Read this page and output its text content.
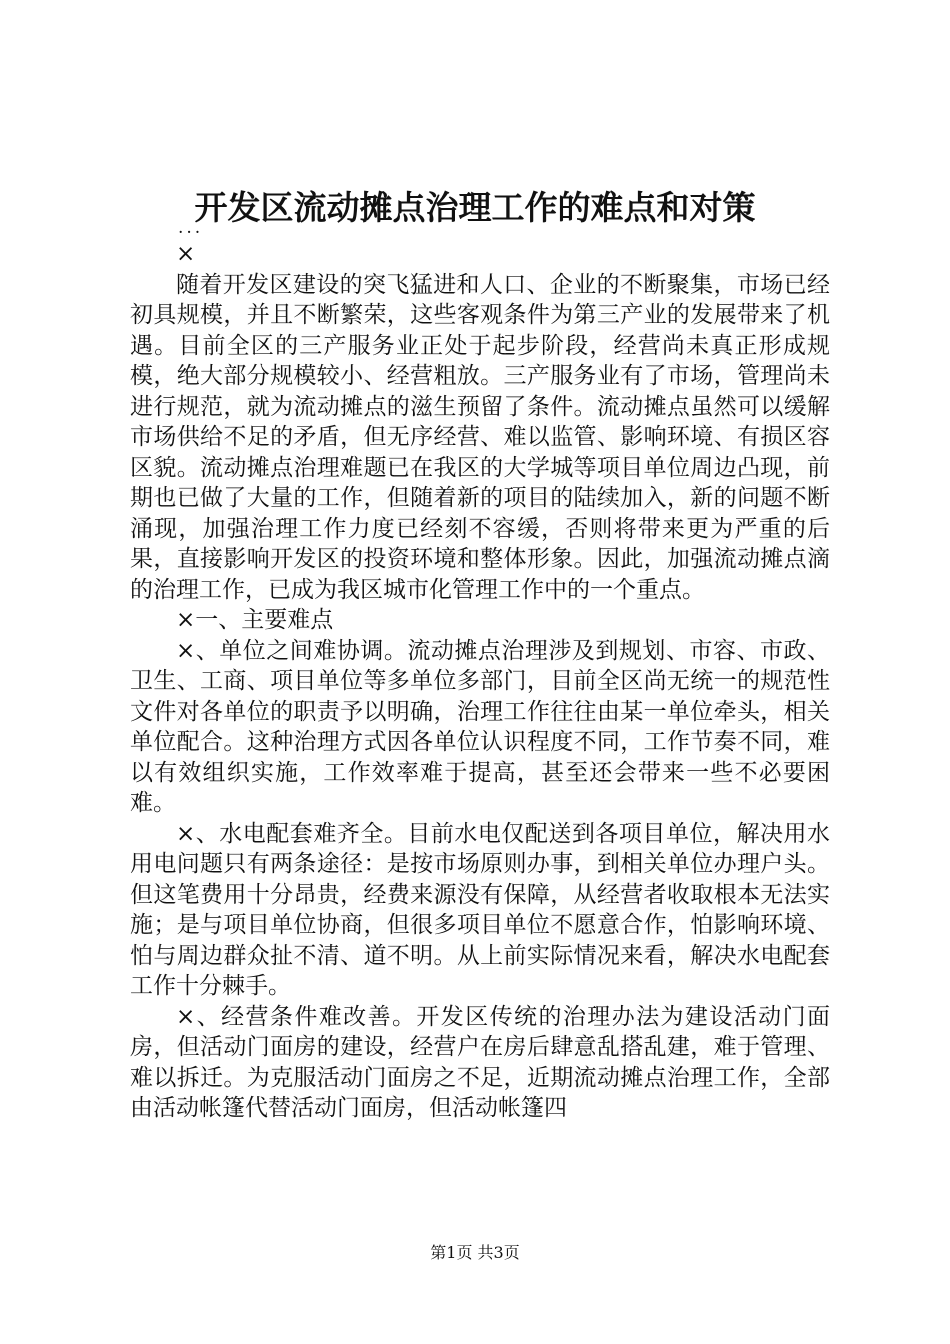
开发区流动摊点治理工作的难点和对策
...

×

随着开发区建设的突飞猛进和人口、企业的不断聚集，市场已经初具规模，并且不断繁荣，这些客观条件为第三产业的发展带来了机遇。目前全区的三产服务业正处于起步阶段，经营尚未真正形成规模，绝大部分规模较小、经营粗放。三产服务业有了市场，管理尚未进行规范，就为流动摊点的滋生预留了条件。流动摊点虽然可以缓解市场供给不足的矛盾，但无序经营、难以监管、影响环境、有损区容区貌。流动摊点治理难题已在我区的大学城等项目单位周边凸现，前期也已做了大量的工作，但随着新的项目的陆续加入，新的问题不断涌现，加强治理工作力度已经刻不容缓，否则将带来更为严重的后果，直接影响开发区的投资环境和整体形象。因此，加强流动摊点滴的治理工作，已成为我区城市化管理工作中的一个重点。

×一、主要难点

×、单位之间难协调。流动摊点治理涉及到规划、市容、市政、卫生、工商、项目单位等多单位多部门，目前全区尚无统一的规范性文件对各单位的职责予以明确，治理工作往往由某一单位牵头，相关单位配合。这种治理方式因各单位认识程度不同，工作节奏不同，难以有效组织实施，工作效率难于提高，甚至还会带来一些不必要困难。

×、水电配套难齐全。目前水电仅配送到各项目单位，解决用水用电问题只有两条途径：是按市场原则办事，到相关单位办理户头。但这笔费用十分昂贵，经费来源没有保障，从经营者收取根本无法实施；是与项目单位协商，但很多项目单位不愿意合作，怕影响环境、怕与周边群众扯不清、道不明。从上前实际情况来看，解决水电配套工作十分棘手。

×、经营条件难改善。开发区传统的治理办法为建设活动门面房，但活动门面房的建设，经营户在房后肆意乱搭乱建，难于管理、难以拆迁。为克服活动门面房之不足，近期流动摊点治理工作，全部由活动帐篷代替活动门面房，但活动帐篷四

第1页 共3页
